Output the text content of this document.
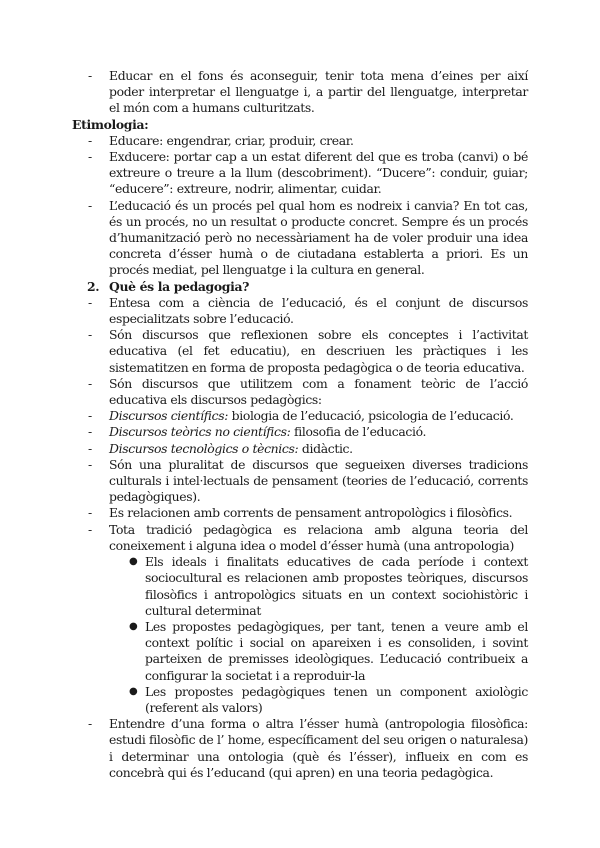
- Educar en el fons és aconseguir, tenir tota mena d’eines per així poder interpretar el llenguatge i, a partir del llenguatge, interpretar el món com a humans culturitzats.
Etimologia:
- Educare: engendrar, criar, produir, crear.
- Exducere: portar cap a un estat diferent del que es troba (canvi) o bé extreure o treure a la llum (descobriment). “Ducere”: conduir, guiar; “educere”: extreure, nodrir, alimentar, cuidar.
- L’educació és un procés pel qual hom es nodreix i canvia? En tot cas, és un procés, no un resultat o producte concret. Sempre és un procés d’humanització però no necessàriament ha de voler produir una idea concreta d’ésser humà o de ciutadana establerta a priori. Es un procés mediat, pel llenguatge i la cultura en general.
2. Què és la pedagogia?
- Entesa com a ciència de l’educació, és el conjunt de discursos especialitzats sobre l’educació.
- Són discursos que reflexionen sobre els conceptes i l’activitat educativa (el fet educatiu), en descriuen les pràctiques i les sistematitzen en forma de proposta pedagògica o de teoria educativa.
- Són discursos que utilitzem com a fonament teòric de l’acció educativa els discursos pedagògics:
- Discursos científics: biologia de l’educació, psicologia de l’educació.
- Discursos teòrics no científics: filosofia de l’educació.
- Discursos tecnològics o tècnics: didàctic.
- Són una pluralitat de discursos que segueixen diverses tradicions culturals i intel·lectuals de pensament (teories de l’educació, corrents pedagògiques).
- Es relacionen amb corrents de pensament antropològics i filosòfics.
- Tota tradició pedagògica es relaciona amb alguna teoria del coneixement i alguna idea o model d’ésser humà (una antropologia)
● Els ideals i finalitats educatives de cada període i context sociocultural es relacionen amb propostes teòriques, discursos filosòfics i antropològics situats en un context sociohistòric i cultural determinat
● Les propostes pedagògiques, per tant, tenen a veure amb el context polític i social on apareixen i es consoliden, i sovint parteixen de premisses ideològiques. L’educació contribueix a configurar la societat i a reproduir-la
● Les propostes pedagògiques tenen un component axiològic (referent als valors)
- Entendre d’una forma o altra l’ésser humà (antropologia filosòfica: estudi filosòfic de l’ home, específicament del seu origen o naturalesa) i determinar una ontologia (què és l’ésser), influeix en com es concebrà qui és l’educand (qui apren) en una teoria pedagògica.
